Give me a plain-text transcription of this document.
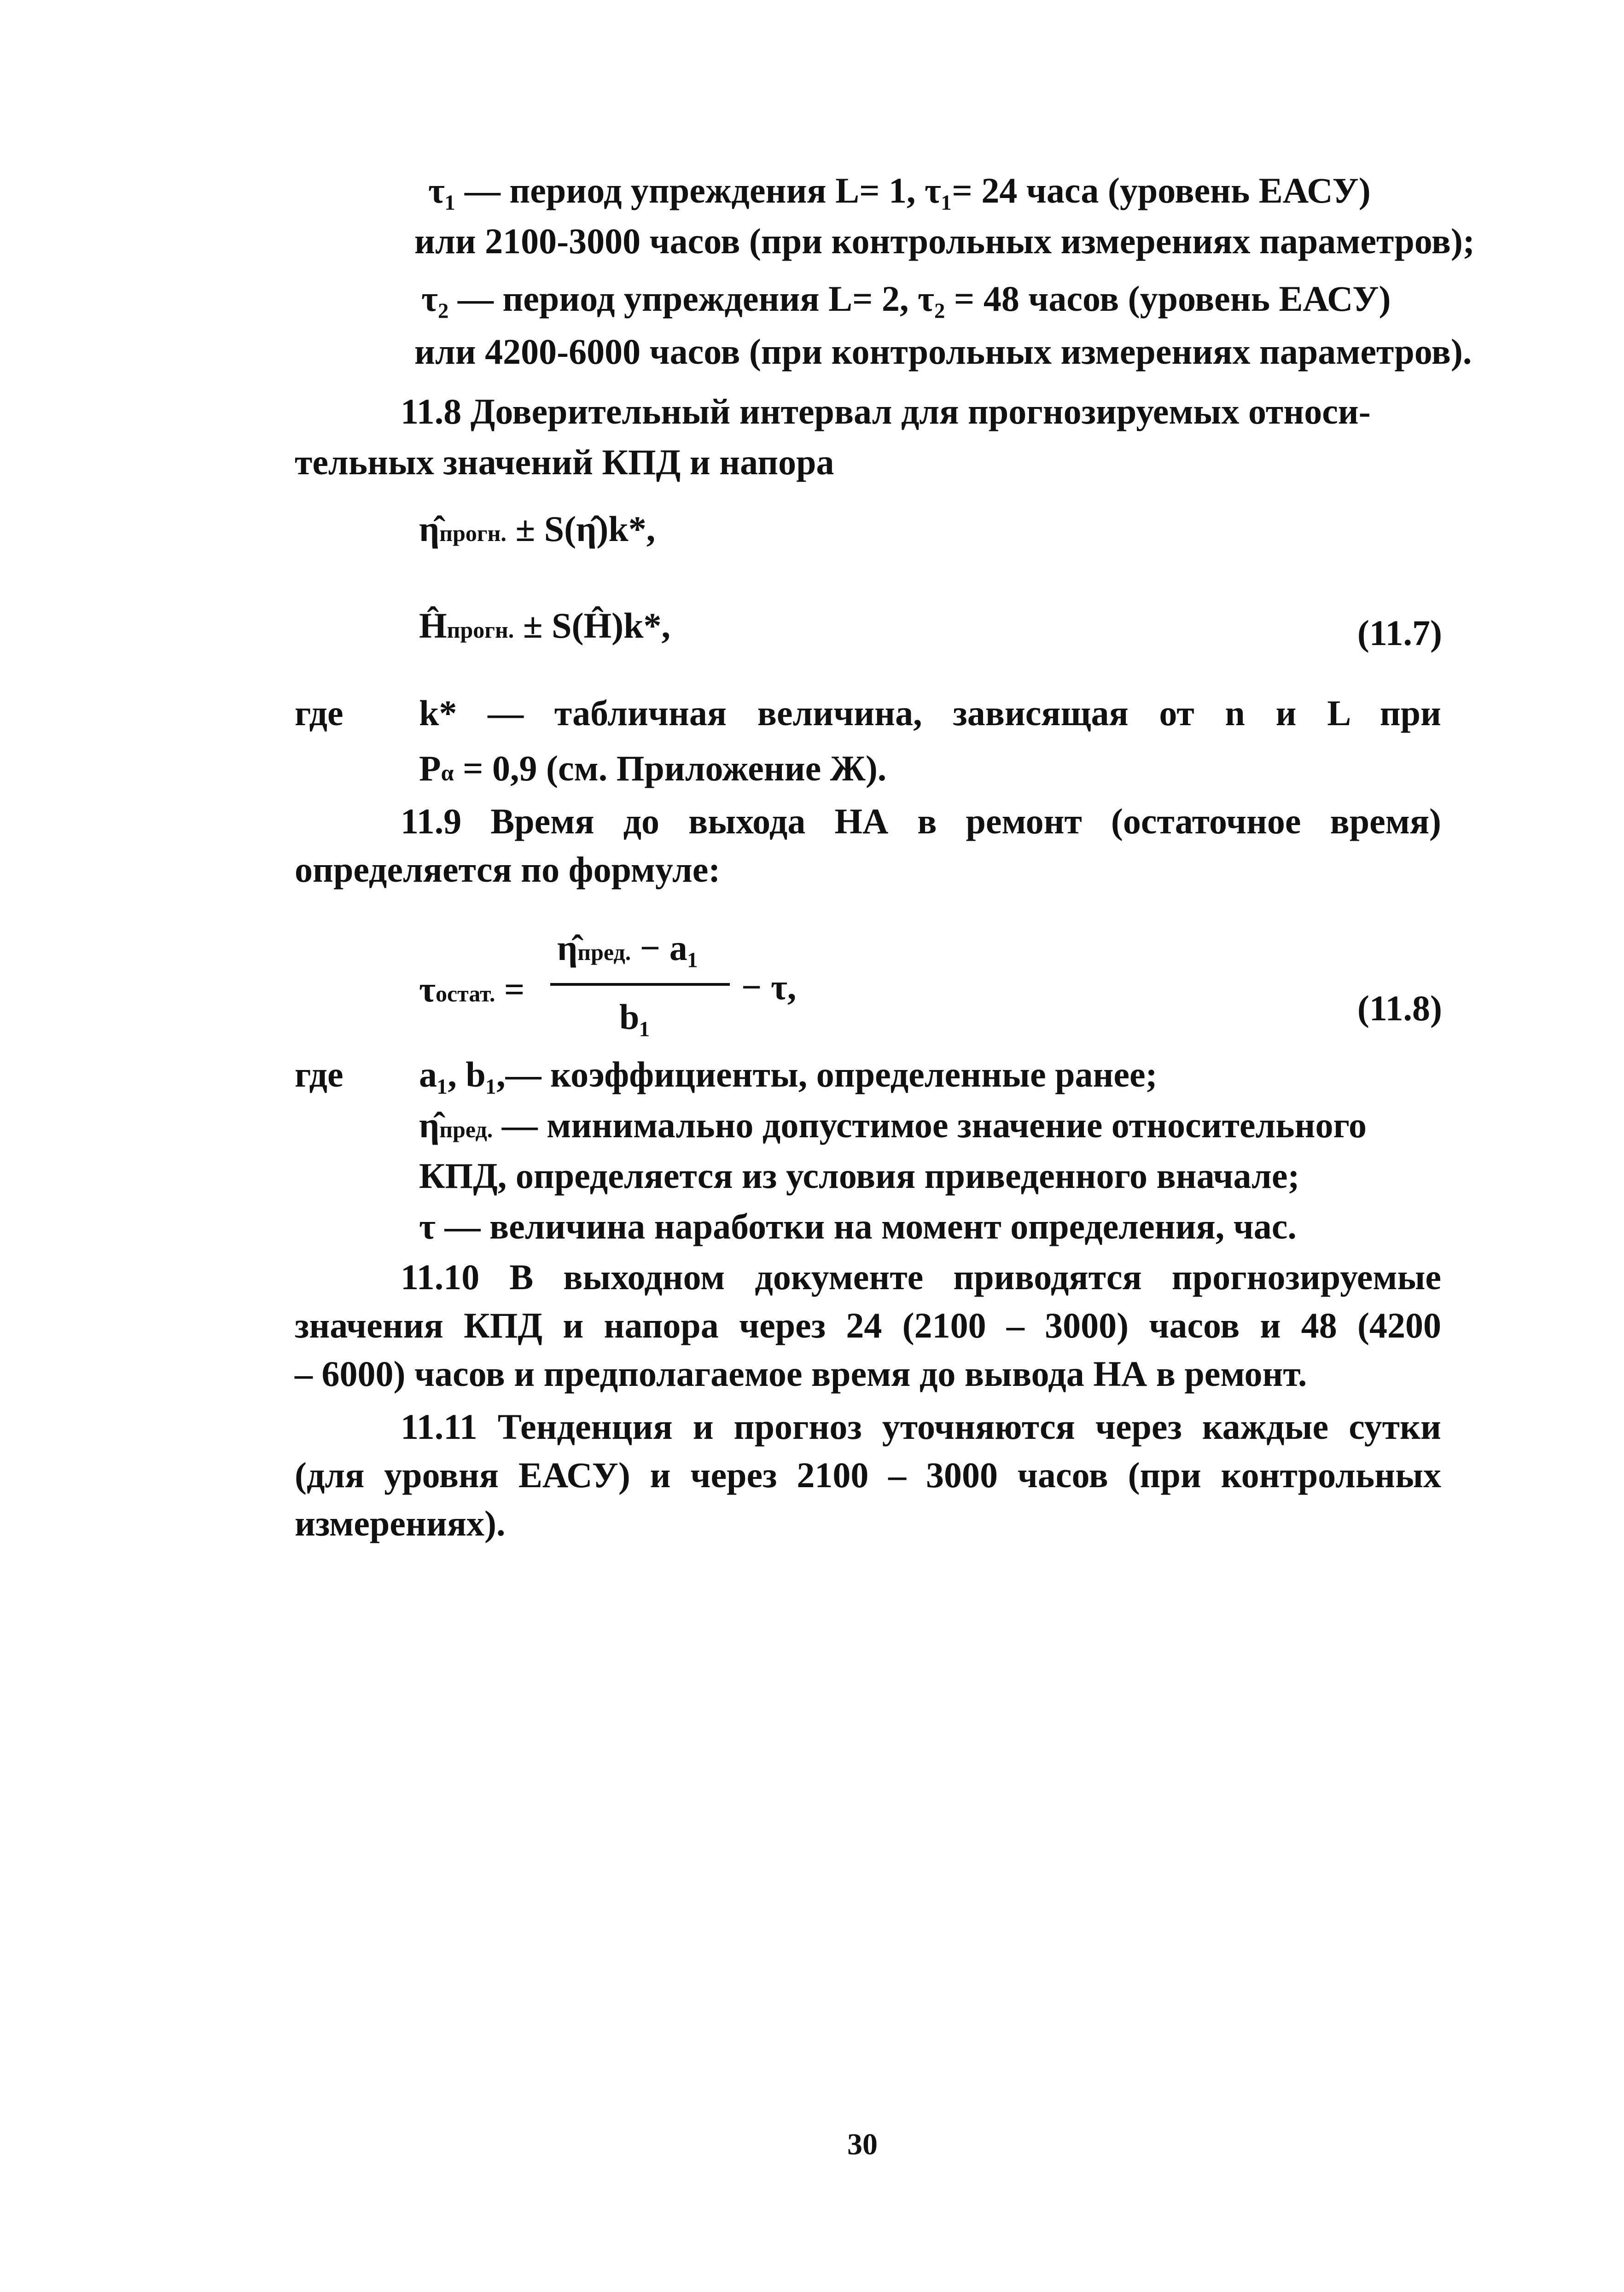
τ₁ — период упреждения L= 1, τ₁= 24 часа (уровень ЕАСУ)
или 2100-3000 часов (при контрольных измерениях параметров);
τ₂ — период упреждения L= 2, τ₂ = 48 часов (уровень ЕАСУ)
или 4200-6000 часов (при контрольных измерениях параметров).
11.8 Доверительный интервал для прогнозируемых относи-
тельных значений КПД и напора
η̂прогн. ± S(η̂)k*,
Ĥпрогн. ± S(Ĥ)k*,	(11.7)
где k* — табличная величина, зависящая от n и L при
Pα = 0,9 (см. Приложение Ж).
11.9 Время до выхода НА в ремонт (остаточное время)
определяется по формуле:
τостат. =
η̂пред. − a₁
b₁
− τ,
(11.8)
где a₁, b₁,— коэффициенты, определенные ранее;
η̂пред. — минимально допустимое значение относительного
КПД, определяется из условия приведенного вначале;
τ — величина наработки на момент определения, час.
11.10 В выходном документе приводятся прогнозируемые
значения КПД и напора через 24 (2100 – 3000) часов и 48 (4200
– 6000) часов и предполагаемое время до вывода НА в ремонт.
11.11 Тенденция и прогноз уточняются через каждые сутки
(для уровня ЕАСУ) и через 2100 – 3000 часов (при контрольных
измерениях).
30
